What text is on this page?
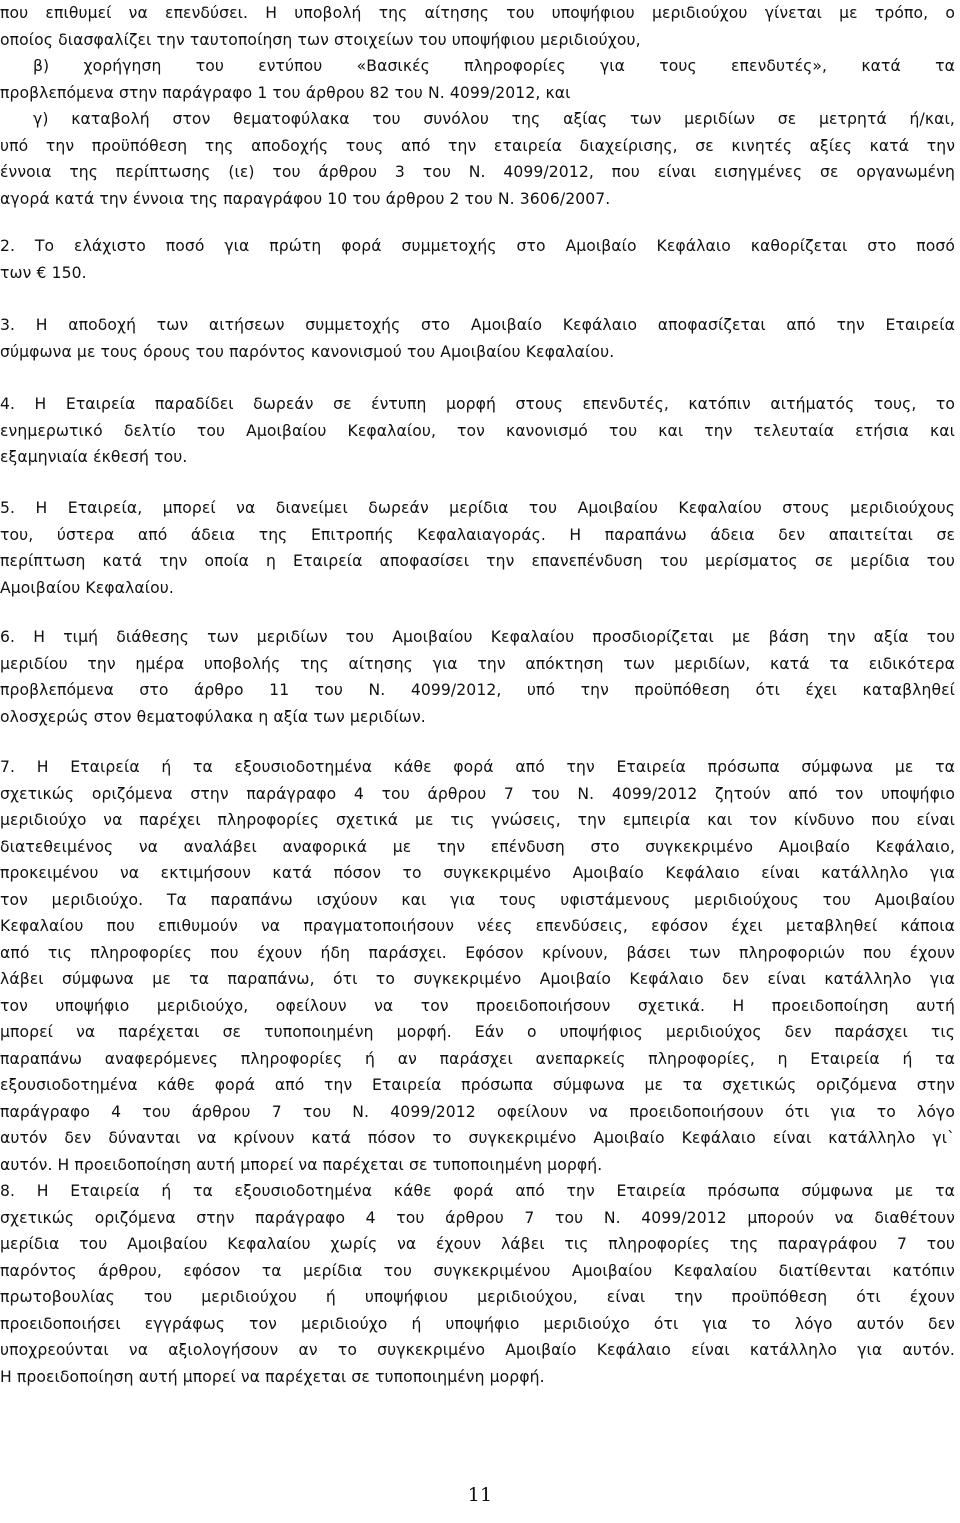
που επιθυμεί να επενδύσει. Η υποβολή της αίτησης του υποψήφιου μεριδιούχου γίνεται με τρόπο, ο
οποίος διασφαλίζει την ταυτοποίηση των στοιχείων του υποψήφιου μεριδιούχου,
β) χορήγηση του εντύπου «Βασικές πληροφορίες για τους επενδυτές», κατά τα
προβλεπόμενα στην παράγραφο 1 του άρθρου 82 του Ν. 4099/2012, και
γ) καταβολή στον θεματοφύλακα του συνόλου της αξίας των μεριδίων σε μετρητά ή/και,
υπό την προϋπόθεση της αποδοχής τους από την εταιρεία διαχείρισης, σε κινητές αξίες κατά την
έννοια της περίπτωσης (ιε) του άρθρου 3 του Ν. 4099/2012, που είναι εισηγμένες σε οργανωμένη
αγορά κατά την έννοια της παραγράφου 10 του άρθρου 2 του Ν. 3606/2007.
2. Το ελάχιστο ποσό για πρώτη φορά συμμετοχής στο Αμοιβαίο Κεφάλαιο καθορίζεται στο ποσό
των € 150.
3. Η αποδοχή των αιτήσεων συμμετοχής στο Αμοιβαίο Κεφάλαιο αποφασίζεται από την Εταιρεία
σύμφωνα με τους όρους του παρόντος κανονισμού του Αμοιβαίου Κεφαλαίου.
4. Η Εταιρεία παραδίδει δωρεάν σε έντυπη μορφή στους επενδυτές, κατόπιν αιτήματός τους, το
ενημερωτικό δελτίο του Αμοιβαίου Κεφαλαίου, τον κανονισμό του και την τελευταία ετήσια και
εξαμηνιαία έκθεσή του.
5. Η Εταιρεία, μπορεί να διανείμει δωρεάν μερίδια του Αμοιβαίου Κεφαλαίου στους μεριδιούχους
του, ύστερα από άδεια της Επιτροπής Κεφαλαιαγοράς. Η παραπάνω άδεια δεν απαιτείται σε
περίπτωση κατά την οποία η Εταιρεία αποφασίσει την επανεπένδυση του μερίσματος σε μερίδια του
Αμοιβαίου Κεφαλαίου.
6. Η τιμή διάθεσης των μεριδίων του Αμοιβαίου Κεφαλαίου προσδιορίζεται με βάση την αξία του
μεριδίου την ημέρα υποβολής της αίτησης για την απόκτηση των μεριδίων, κατά τα ειδικότερα
προβλεπόμενα στο άρθρο 11 του Ν. 4099/2012, υπό την προϋπόθεση ότι έχει καταβληθεί
ολοσχερώς στον θεματοφύλακα η αξία των μεριδίων.
7. Η Εταιρεία ή τα εξουσιοδοτημένα κάθε φορά από την Εταιρεία πρόσωπα σύμφωνα με τα
σχετικώς οριζόμενα στην παράγραφο 4 του άρθρου 7 του Ν. 4099/2012 ζητούν από τον υποψήφιο
μεριδιούχο να παρέχει πληροφορίες σχετικά με τις γνώσεις, την εμπειρία και τον κίνδυνο που είναι
διατεθειμένος να αναλάβει αναφορικά με την επένδυση στο συγκεκριμένο Αμοιβαίο Κεφάλαιο,
προκειμένου να εκτιμήσουν κατά πόσον το συγκεκριμένο Αμοιβαίο Κεφάλαιο είναι κατάλληλο για
τον μεριδιούχο. Τα παραπάνω ισχύουν και για τους υφιστάμενους μεριδιούχους του Αμοιβαίου
Κεφαλαίου που επιθυμούν να πραγματοποιήσουν νέες επενδύσεις, εφόσον έχει μεταβληθεί κάποια
από τις πληροφορίες που έχουν ήδη παράσχει. Εφόσον κρίνουν, βάσει των πληροφοριών που έχουν
λάβει σύμφωνα με τα παραπάνω, ότι το συγκεκριμένο Αμοιβαίο Κεφάλαιο δεν είναι κατάλληλο για
τον υποψήφιο μεριδιούχο, οφείλουν να τον προειδοποιήσουν σχετικά. Η προειδοποίηση αυτή
μπορεί να παρέχεται σε τυποποιημένη μορφή. Εάν ο υποψήφιος μεριδιούχος δεν παράσχει τις
παραπάνω αναφερόμενες πληροφορίες ή αν παράσχει ανεπαρκείς πληροφορίες, η Εταιρεία ή τα
εξουσιοδοτημένα κάθε φορά από την Εταιρεία πρόσωπα σύμφωνα με τα σχετικώς οριζόμενα στην
παράγραφο 4 του άρθρου 7 του Ν. 4099/2012 οφείλουν να προειδοποιήσουν ότι για το λόγο
αυτόν δεν δύνανται να κρίνουν κατά πόσον το συγκεκριμένο Αμοιβαίο Κεφάλαιο είναι κατάλληλο γι`
αυτόν. Η προειδοποίηση αυτή μπορεί να παρέχεται σε τυποποιημένη μορφή.
8. Η Εταιρεία ή τα εξουσιοδοτημένα κάθε φορά από την Εταιρεία πρόσωπα σύμφωνα με τα
σχετικώς οριζόμενα στην παράγραφο 4 του άρθρου 7 του Ν. 4099/2012 μπορούν να διαθέτουν
μερίδια του Αμοιβαίου Κεφαλαίου χωρίς να έχουν λάβει τις πληροφορίες της παραγράφου 7 του
παρόντος άρθρου, εφόσον τα μερίδια του συγκεκριμένου Αμοιβαίου Κεφαλαίου διατίθενται κατόπιν
πρωτοβουλίας του μεριδιούχου ή υποψήφιου μεριδιούχου, είναι την προϋπόθεση ότι έχουν
προειδοποιήσει εγγράφως τον μεριδιούχο ή υποψήφιο μεριδιούχο ότι για το λόγο αυτόν δεν
υποχρεούνται να αξιολογήσουν αν το συγκεκριμένο Αμοιβαίο Κεφάλαιο είναι κατάλληλο για αυτόν.
Η προειδοποίηση αυτή μπορεί να παρέχεται σε τυποποιημένη μορφή.
11
